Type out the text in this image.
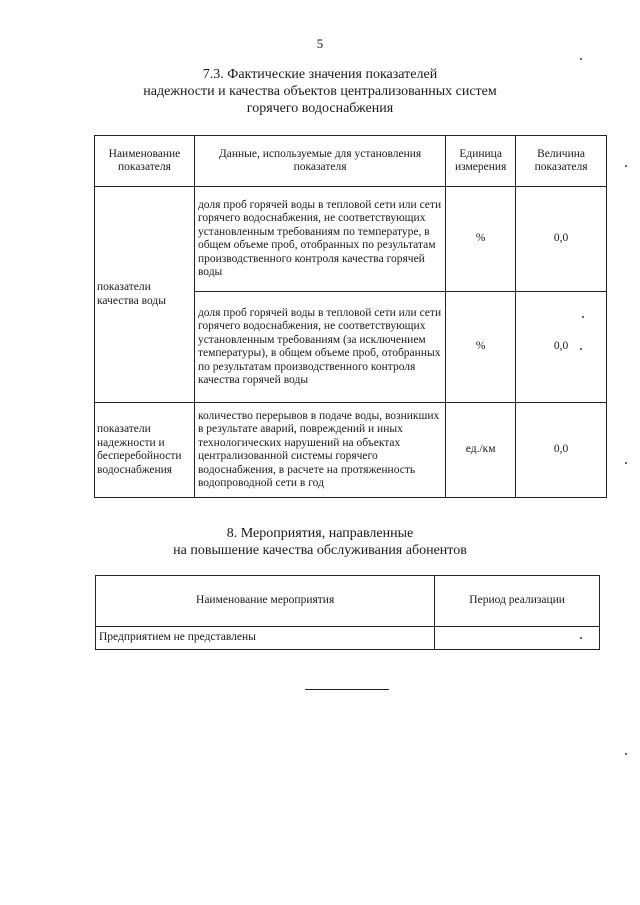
5
7.3. Фактические значения показателей
надежности и качества объектов централизованных систем
горячего водоснабжения
Наименование показателя	Данные, используемые для установления показателя	Единица измерения	Величина показателя
показатели качества воды	доля проб горячей воды в тепловой сети или сети горячего водоснабжения, не соответствующих установленным требованиям по температуре, в общем объеме проб, отобранных по результатам производственного контроля качества горячей воды	%	0,0
	доля проб горячей воды в тепловой сети или сети горячего водоснабжения, не соответствующих установленным требованиям (за исключением температуры), в общем объеме проб, отобранных по результатам производственного контроля качества горячей воды	%	0,0
показатели надежности и бесперебойности водоснабжения	количество перерывов в подаче воды, возникших в результате аварий, повреждений и иных технологических нарушений на объектах централизованной системы горячего водоснабжения, в расчете на протяженность водопроводной сети в год	ед./км	0,0
8. Мероприятия, направленные
на повышение качества обслуживания абонентов
Наименование мероприятия	Период реализации
Предприятием не представлены	
